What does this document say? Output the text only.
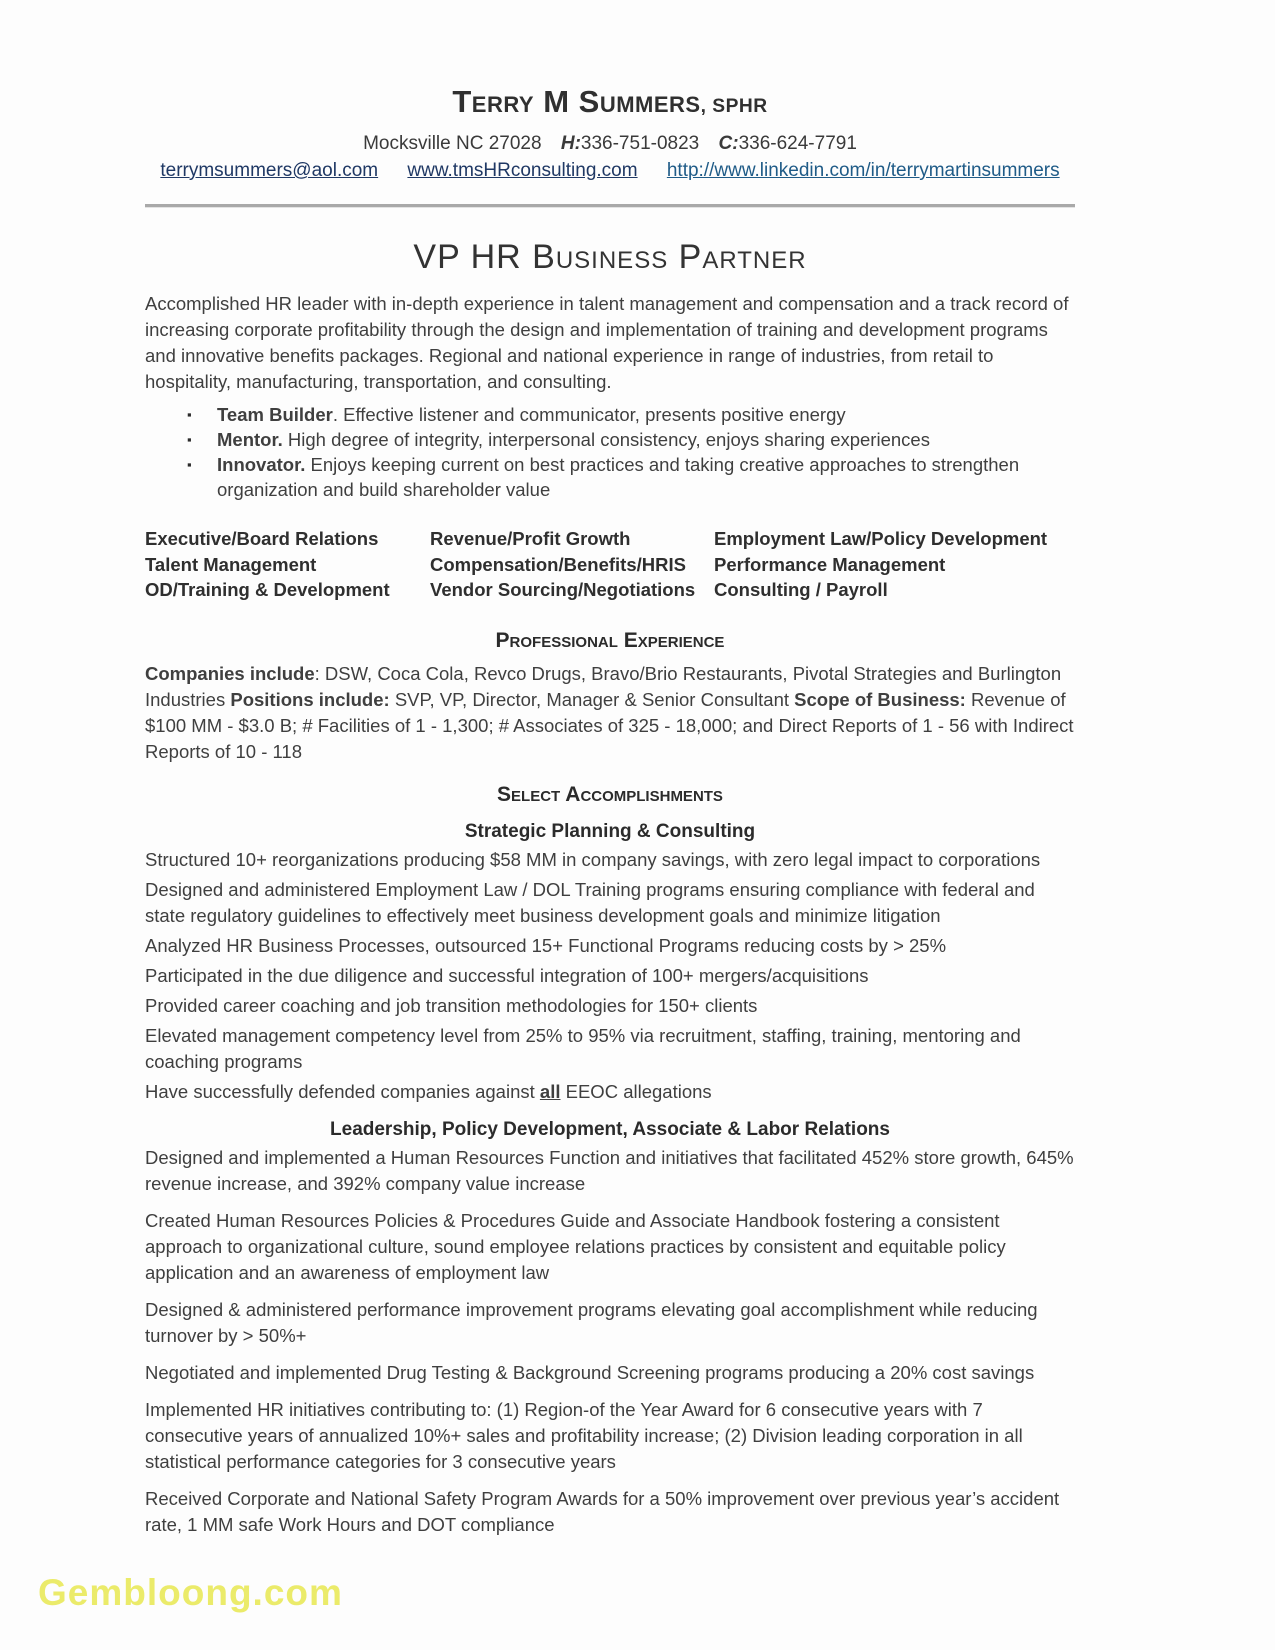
Terry M Summers, SPHR
Mocksville NC 27028 H:336-751-0823 C:336-624-7791
terrymsummers@aol.com www.tmsHRconsulting.com http://www.linkedin.com/in/terrymartinsummers
VP HR Business Partner

Accomplished HR leader with in-depth experience in talent management and compensation and a track record of increasing corporate profitability through the design and implementation of training and development programs and innovative benefits packages. Regional and national experience in range of industries, from retail to hospitality, manufacturing, transportation, and consulting.

▪	Team Builder. Effective listener and communicator, presents positive energy
▪	Mentor. High degree of integrity, interpersonal consistency, enjoys sharing experiences
▪	Innovator. Enjoys keeping current on best practices and taking creative approaches to strengthen organization and build shareholder value
Executive/Board Relations	Revenue/Profit Growth	Employment Law/Policy Development
Talent Management	Compensation/Benefits/HRIS	Performance Management
OD/Training & Development	Vendor Sourcing/Negotiations	Consulting / Payroll
Professional Experience

Companies include: DSW, Coca Cola, Revco Drugs, Bravo/Brio Restaurants, Pivotal Strategies and Burlington Industries Positions include: SVP, VP, Director, Manager & Senior Consultant Scope of Business: Revenue of $100 MM - $3.0 B; # Facilities of 1 - 1,300; # Associates of 325 - 18,000; and Direct Reports of 1 - 56 with Indirect Reports of 10 - 118

Select Accomplishments
Strategic Planning & Consulting

Structured 10+ reorganizations producing $58 MM in company savings, with zero legal impact to corporations

Designed and administered Employment Law / DOL Training programs ensuring compliance with federal and state regulatory guidelines to effectively meet business development goals and minimize litigation

Analyzed HR Business Processes, outsourced 15+ Functional Programs reducing costs by > 25%

Participated in the due diligence and successful integration of 100+ mergers/acquisitions

Provided career coaching and job transition methodologies for 150+ clients

Elevated management competency level from 25% to 95% via recruitment, staffing, training, mentoring and coaching programs

Have successfully defended companies against all EEOC allegations

Leadership, Policy Development, Associate & Labor Relations

Designed and implemented a Human Resources Function and initiatives that facilitated 452% store growth, 645% revenue increase, and 392% company value increase

Created Human Resources Policies & Procedures Guide and Associate Handbook fostering a consistent approach to organizational culture, sound employee relations practices by consistent and equitable policy application and an awareness of employment law

Designed & administered performance improvement programs elevating goal accomplishment while reducing turnover by > 50%+

Negotiated and implemented Drug Testing & Background Screening programs producing a 20% cost savings

Implemented HR initiatives contributing to: (1) Region-of the Year Award for 6 consecutive years with 7 consecutive years of annualized 10%+ sales and profitability increase; (2) Division leading corporation in all statistical performance categories for 3 consecutive years

Received Corporate and National Safety Program Awards for a 50% improvement over previous year’s accident rate, 1 MM safe Work Hours and DOT compliance

Gembloong.com
